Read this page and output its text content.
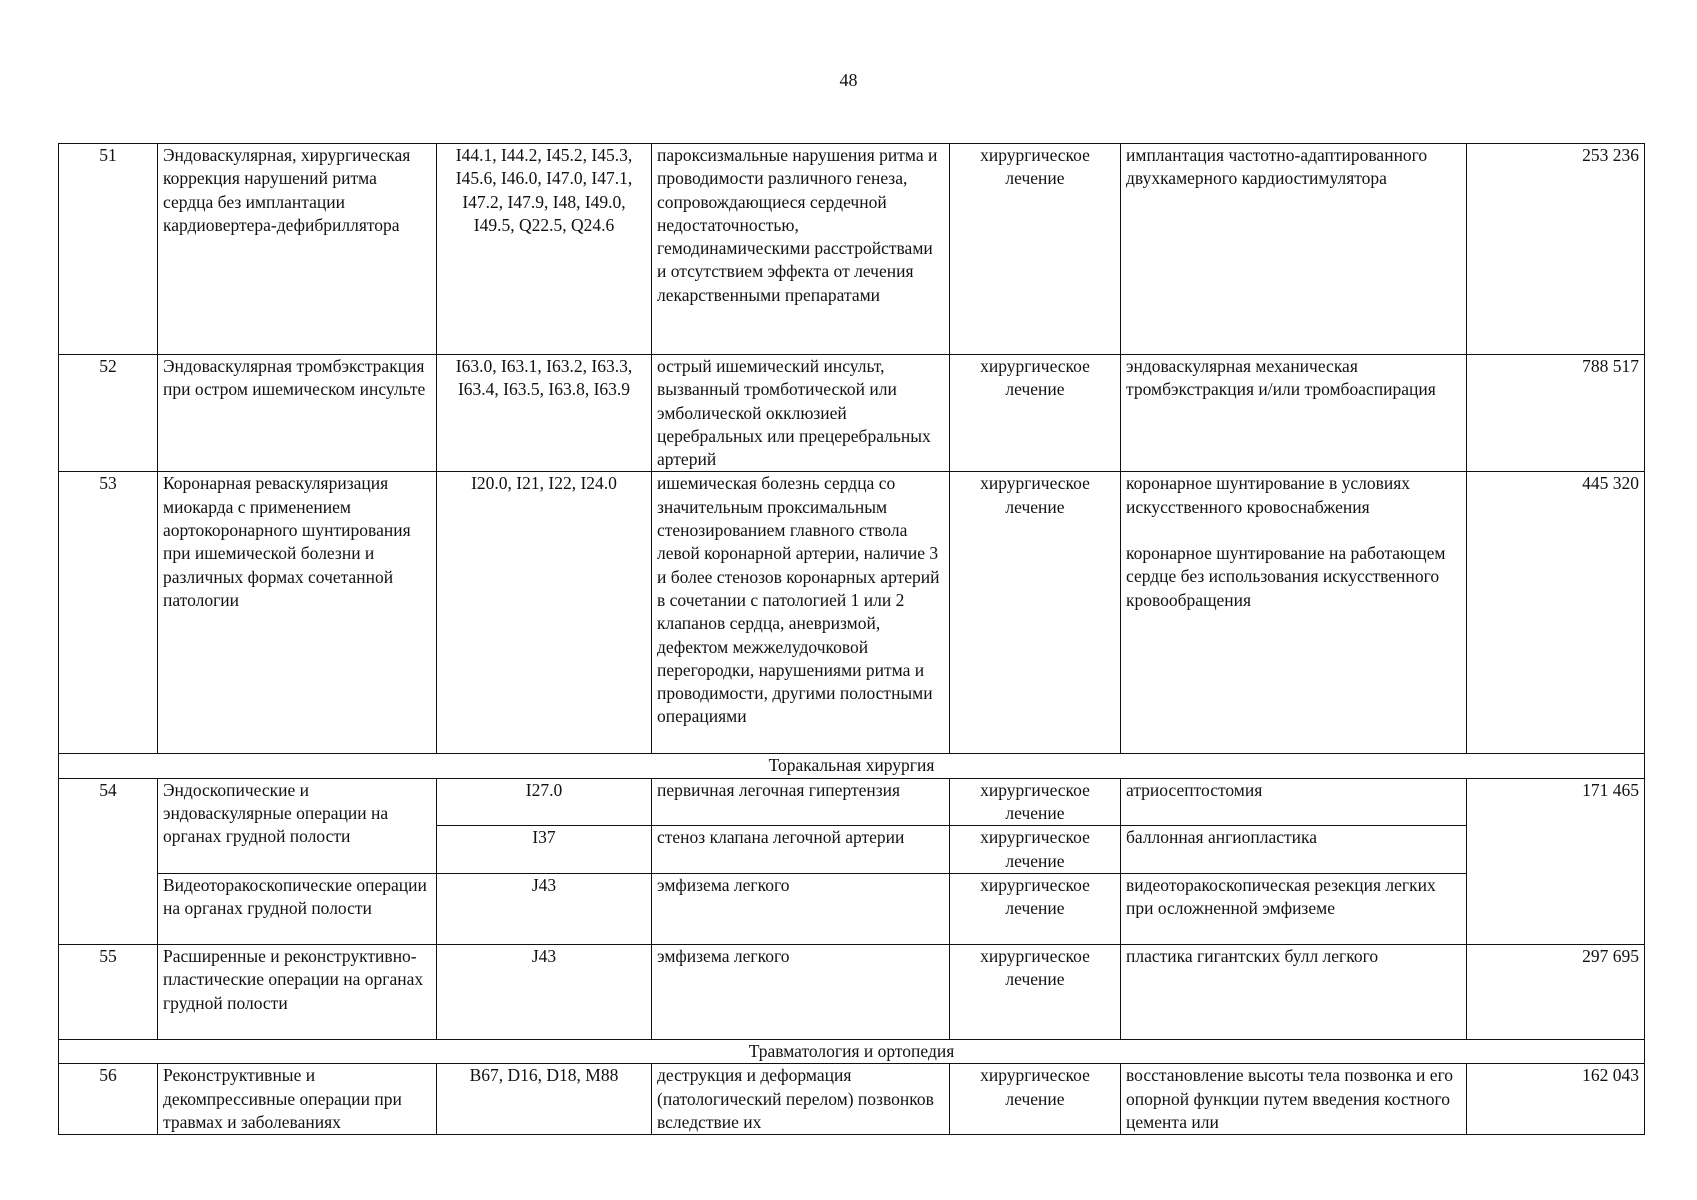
48
51	Эндоваскулярная, хирургическая коррекция нарушений ритма сердца без имплантации кардиовертера-дефибриллятора	I44.1, I44.2, I45.2, I45.3, I45.6, I46.0, I47.0, I47.1, I47.2, I47.9, I48, I49.0, I49.5, Q22.5, Q24.6	пароксизмальные нарушения ритма и проводимости различного генеза, сопровождающиеся сердечной недостаточностью, гемодинамическими расстройствами и отсутствием эффекта от лечения лекарственными препаратами	хирургическое лечение	имплантация частотно-адаптированного двухкамерного кардиостимулятора	253 236
52	Эндоваскулярная тромбэкстракция при остром ишемическом инсульте	I63.0, I63.1, I63.2, I63.3, I63.4, I63.5, I63.8, I63.9	острый ишемический инсульт, вызванный тромботической или эмболической окклюзией церебральных или прецеребральных артерий	хирургическое лечение	эндоваскулярная механическая тромбэкстракция и/или тромбоаспирация	788 517
53	Коронарная реваскуляризация миокарда с применением аортокоронарного шунтирования при ишемической болезни и различных формах сочетанной патологии	I20.0, I21, I22, I24.0	ишемическая болезнь сердца со значительным проксимальным стенозированием главного ствола левой коронарной артерии, наличие 3 и более стенозов коронарных артерий в сочетании с патологией 1 или 2 клапанов сердца, аневризмой, дефектом межжелудочковой перегородки, нарушениями ритма и проводимости, другими полостными операциями	хирургическое лечение	коронарное шунтирование в условиях искусственного кровоснабжения
коронарное шунтирование на работающем сердце без использования искусственного кровообращения	445 320
Торакальная хирургия						
54	Эндоскопические и эндоваскулярные операции на органах грудной полости	I27.0	первичная легочная гипертензия	хирургическое лечение	атриосептостомия	171 465
		I37	стеноз клапана легочной артерии	хирургическое лечение	баллонная ангиопластика	
	Видеоторакоскопические операции на органах грудной полости	J43	эмфизема легкого	хирургическое лечение	видеоторакоскопическая резекция легких при осложненной эмфиземе	
55	Расширенные и реконструктивно-пластические операции на органах грудной полости	J43	эмфизема легкого	хирургическое лечение	пластика гигантских булл легкого	297 695
Травматология и ортопедия						
56	Реконструктивные и декомпрессивные операции при травмах и заболеваниях	B67, D16, D18, M88	деструкция и деформация (патологический перелом) позвонков вследствие их	хирургическое лечение	восстановление высоты тела позвонка и его опорной функции путем введения костного цемента или	162 043
